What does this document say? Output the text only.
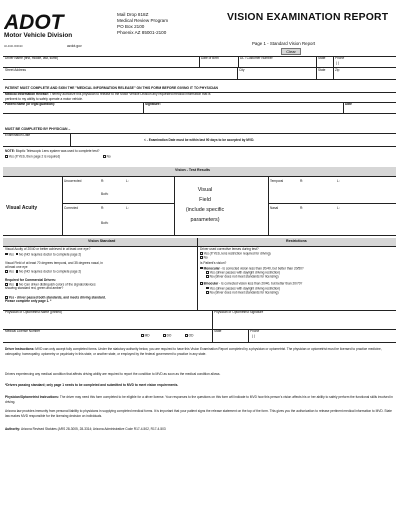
ADOT
Motor Vehicle Division
40-4041 R06/20	azdot.gov
Mail Drop 818Z
Medical Review Program
PO Box 2100
Phoenix AZ 85001-2100
VISION EXAMINATION REPORT
Page 1 - Standard Vision Report
Clear
Driver Name (first, middle, last, suffix)	Date of Birth	DL / Customer Number	State	Phone
( )
Street Address	City	State	Zip
PATIENT MUST COMPLETE AND SIGN THE "MEDICAL INFORMATION RELEASE" ON THIS FORM BEFORE GIVING IT TO PHYSICIAN
Medical Information Release: I hereby authorize this physician to release to the Motor Vehicle Division any requested medical information that is
pertinent to my ability to safely operate a motor vehicle.
Patient Name (or legal guardian):	Signature:	Date
MUST BE COMPLETED BY PHYSICIAN –
Examination Date
< - Examination Date must be within last 90 days to be accepted by MVD.
NOTE: Bioptic Telescopic Lens system was used to complete test?
Yes (If YES, then page 2 is required)	No
Vision - Test Results
Visual Acuity
Uncorrected	R:	L:
Both:
Corrected	R:	L:
Both:
Visual
Field
(include specific
parameters)
Temporal	R:	L:
Nasal	R:	L:
Vision Standard	Restrictions
Visual Acuity of 20/40 or better achieved in at least one eye?
Yes No (NO requires doctor to complete page 2)
Visual Field of at least 70 degrees temporal, and 35 degrees nasal, in
at least one eye
Yes No (NO requires doctor to complete page 2)
Required for Commercial Drivers:
Yes No Can driver distinguish colors of the signals/devices
showing standard red, green and amber?
Yes - driver passed both standards, and meets driving standard.
Please complete only page 1. *
Driver used corrective lenses during test?
Yes (If YES, lens restriction required for driving)
No
Is Patient's vision?
Monocular - Is corrected vision less than 20/40, but better than 20/50?
Yes (driver passes with daylight driving restriction)
No (driver does not meet standards for licensing)
Binocular - Is corrected vision less than 20/40, but better than 20/70?
Yes (driver passes with daylight driving restriction)
No (driver does not meet standards for licensing)
Physician or Optometrist Name (printed)	Physician or Optometrist Signature
Medical License Number
MD	DO	OD
State	Phone
( )
Driver Instructions: MVD can only accept fully completed forms. Under the statutory authority below, you are required to have this Vision Examination Report completed by a physician or optometrist. The physician or optometrist must be licensed to practice medicine, osteopathy, homeopathy, optometry or psychiatry in this state, or another state, or employed by the federal government to practice in any state.
Drivers experiencing any medical condition that affects driving ability are required to report the condition to MVD as soon as the medical condition allows.
*Drivers passing standard; only page 1 needs to be completed and submitted to MVD to meet vision requirements.
Physician/Optometrist Instructions: The driver may need this form completed to be eligible for a driver license. Your responses to the questions on this form will indicate to MVD how this person's vision affects his or her ability to safely perform the functional skills involved in driving.
Arizona law provides immunity from personal liability to physicians in supplying completed medical forms. It is important that your patient signs the release statement on the top of the form. This gives you the authorization to release pertinent medical information to MVD. State law makes MVD responsible for the licensing decision on individuals.
Authority: Arizona Revised Statutes (ARS 28-3005, 28-3314; Arizona Administrative Code R17-4-502, R17-4-503
